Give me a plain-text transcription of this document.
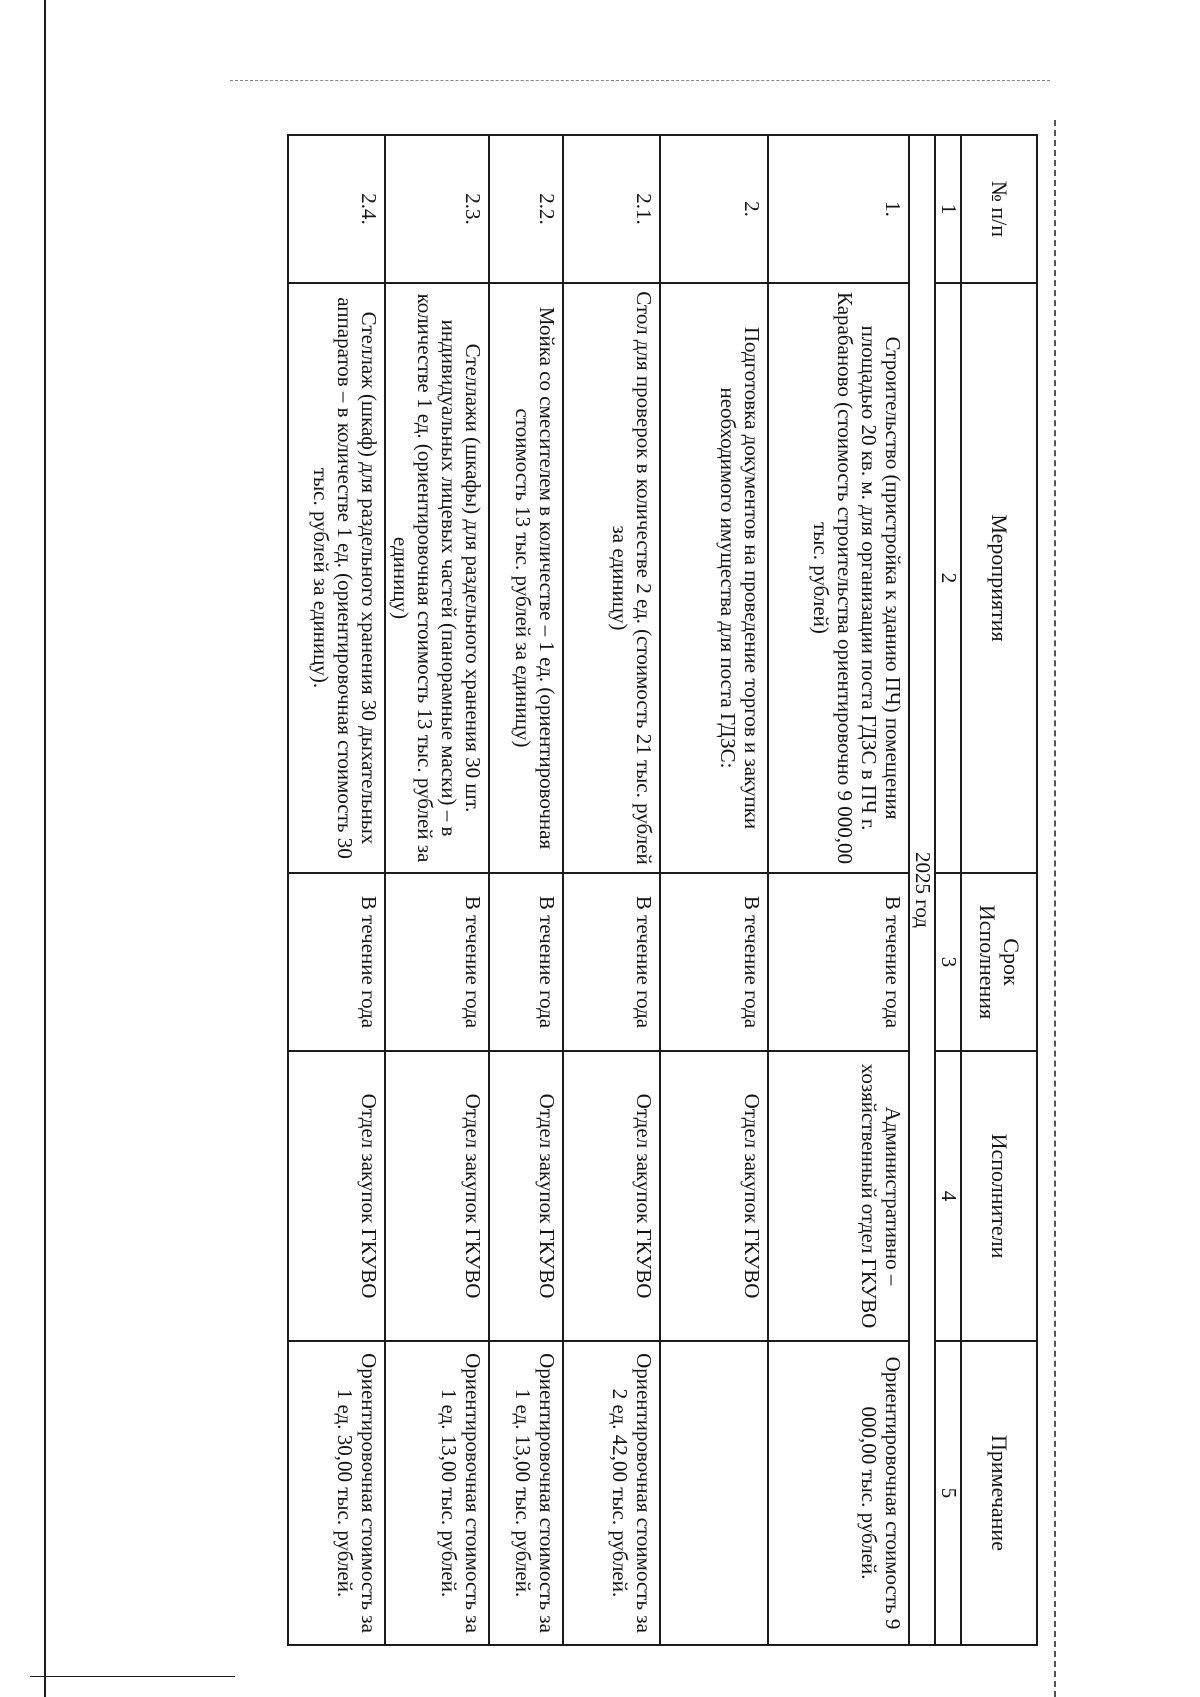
№ п/п	Мероприятия	Срок Исполнения	Исполнители	Примечание
1	2	3	4	5
2025 год				
1.	Строительство (пристройка к зданию ПЧ) помещения площадью 20 кв. м. для организации поста ГДЗС в ПЧ г. Карабаново (стоимость строительства ориентировочно 9 000,00 тыс. рублей)	В течение года	Административно – хозяйственный отдел ГКУВО	Ориентировочная стоимость 9 000,00 тыс. рублей.
2.	Подготовка документов на проведение торгов и закупки необходимого имущества для поста ГДЗС:	В течение года	Отдел закупок ГКУВО	
2.1.	Стол для проверок в количестве 2 ед. (стоимость 21 тыс. рублей за единицу)	В течение года	Отдел закупок ГКУВО	Ориентировочная стоимость за 2 ед. 42,00 тыс. рублей.
2.2.	Мойка со смесителем в количестве – 1 ед. (ориентировочная стоимость 13 тыс. рублей за единицу)	В течение года	Отдел закупок ГКУВО	Ориентировочная стоимость за 1 ед. 13,00 тыс. рублей.
2.3.	Стеллажи (шкафы) для раздельного хранения 30 шт. индивидуальных лицевых частей (панорамные маски) – в количестве 1 ед. (ориентировочная стоимость 13 тыс. рублей за единицу)	В течение года	Отдел закупок ГКУВО	Ориентировочная стоимость за 1 ед. 13,00 тыс. рублей.
2.4.	Стеллаж (шкаф) для раздельного хранения 30 дыхательных аппаратов – в количестве 1 ед. (ориентировочная стоимость 30 тыс. рублей за единицу).	В течение года	Отдел закупок ГКУВО	Ориентировочная стоимость за 1 ед. 30,00 тыс. рублей.
